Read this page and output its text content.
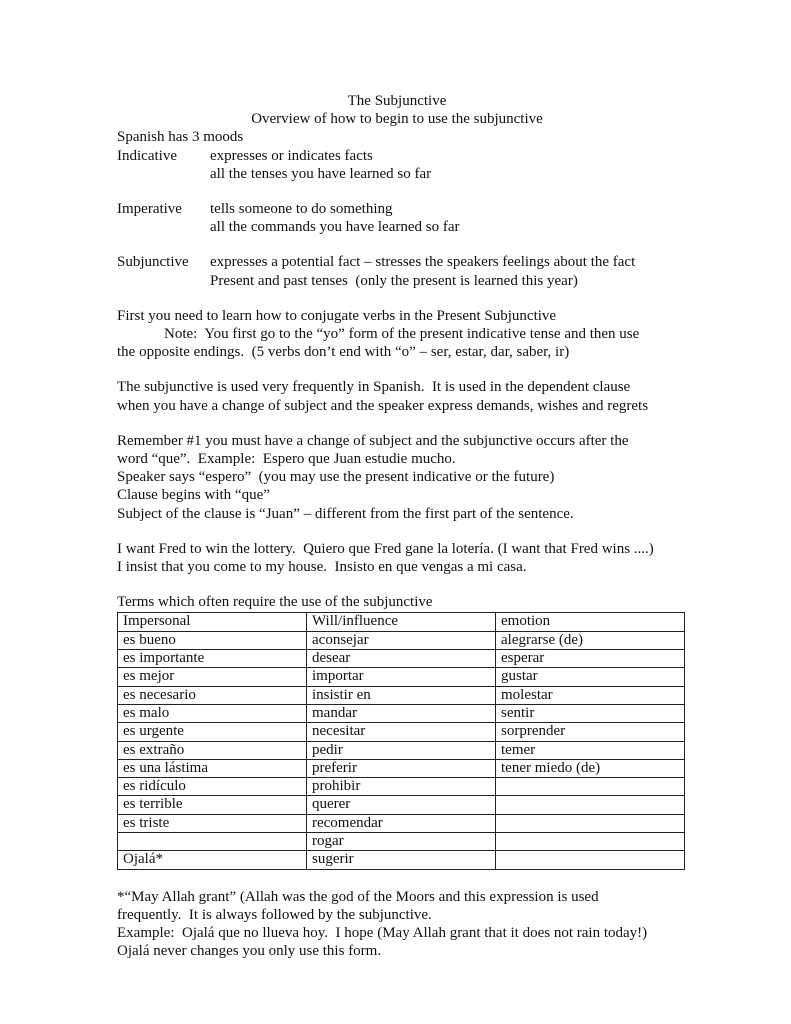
The Subjunctive
Overview of how to begin to use the subjunctive
Spanish has 3 moods
Indicative	expresses or indicates facts
all the tenses you have learned so far
Imperative	tells someone to do something
all the commands you have learned so far
Subjunctive	expresses a potential fact – stresses the speakers feelings about the fact
Present and past tenses  (only the present is learned this year)
First you need to learn how to conjugate verbs in the Present Subjunctive
Note:  You first go to the “yo” form of the present indicative tense and then use
the opposite endings.  (5 verbs don’t end with “o” – ser, estar, dar, saber, ir)
The subjunctive is used very frequently in Spanish.  It is used in the dependent clause
when you have a change of subject and the speaker express demands, wishes and regrets
Remember #1 you must have a change of subject and the subjunctive occurs after the
word “que”.  Example:  Espero que Juan estudie mucho.
Speaker says “espero”  (you may use the present indicative or the future)
Clause begins with “que”
Subject of the clause is “Juan” – different from the first part of the sentence.
I want Fred to win the lottery.  Quiero que Fred gane la lotería. (I want that Fred wins ....)
I insist that you come to my house.  Insisto en que vengas a mi casa.
Terms which often require the use of the subjunctive
Impersonal	Will/influence	emotion
es bueno	aconsejar	alegrarse (de)
es importante	desear	esperar
es mejor	importar	gustar
es necesario	insistir en	molestar
es malo	mandar	sentir
es urgente	necesitar	sorprender
es extraño	pedir	temer
es una lástima	preferir	tener miedo (de)
es ridículo	prohibir	
es terrible	querer	
es triste	recomendar	
	rogar	
Ojalá*	sugerir	
*“May Allah grant” (Allah was the god of the Moors and this expression is used
frequently.  It is always followed by the subjunctive.
Example:  Ojalá que no llueva hoy.  I hope (May Allah grant that it does not rain today!)
Ojalá never changes you only use this form.
